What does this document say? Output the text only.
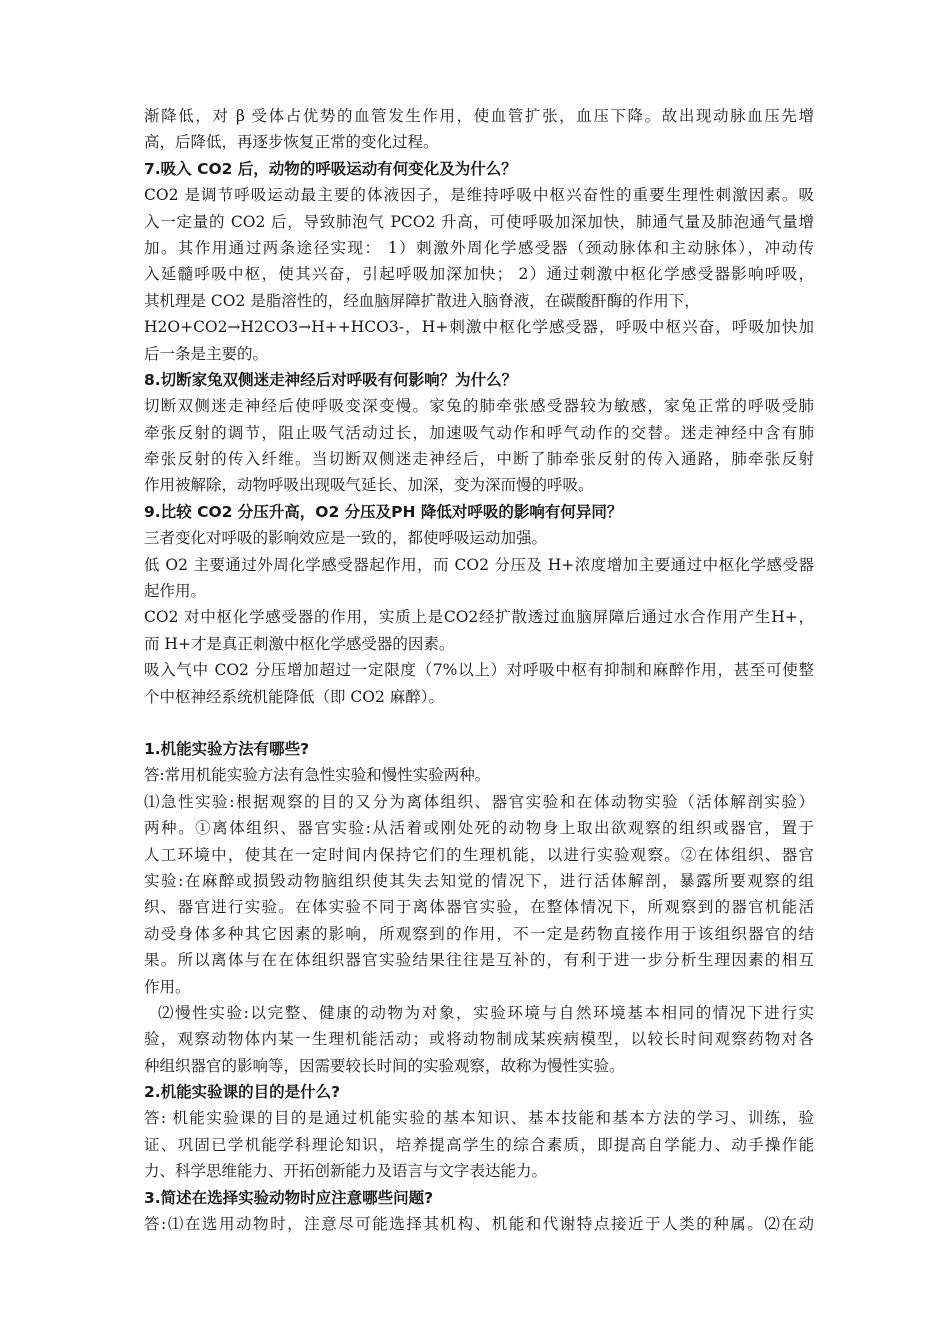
渐降低，对 β 受体占优势的血管发生作用，使血管扩张，血压下降。故出现动脉血压先增
高，后降低，再逐步恢复正常的变化过程。
7.吸入 CO2 后，动物的呼吸运动有何变化及为什么？
CO2 是调节呼吸运动最主要的体液因子，是维持呼吸中枢兴奋性的重要生理性刺激因素。吸
入一定量的 CO2 后，导致肺泡气 PCO2 升高，可使呼吸加深加快，肺通气量及肺泡通气量增
加。其作用通过两条途径实现： 1）刺激外周化学感受器（颈动脉体和主动脉体），冲动传
入延髓呼吸中枢，使其兴奋，引起呼吸加深加快； 2）通过刺激中枢化学感受器影响呼吸，
其机理是 CO2 是脂溶性的，经血脑屏障扩散进入脑脊液，在碳酸酐酶的作用下，
H2O+CO2→H2CO3→H++HCO3-，H+刺激中枢化学感受器，呼吸中枢兴奋，呼吸加快加
后一条是主要的。
8.切断家兔双侧迷走神经后对呼吸有何影响？为什么？
切断双侧迷走神经后使呼吸变深变慢。家兔的肺牵张感受器较为敏感，家兔正常的呼吸受肺
牵张反射的调节，阻止吸气活动过长，加速吸气动作和呼气动作的交替。迷走神经中含有肺
牵张反射的传入纤维。当切断双侧迷走神经后，中断了肺牵张反射的传入通路，肺牵张反射
作用被解除，动物呼吸出现吸气延长、加深，变为深而慢的呼吸。
9.比较 CO2 分压升高，O2 分压及PH 降低对呼吸的影响有何异同？
三者变化对呼吸的影响效应是一致的，都使呼吸运动加强。
低 O2 主要通过外周化学感受器起作用，而 CO2 分压及 H+浓度增加主要通过中枢化学感受器
起作用。
CO2 对中枢化学感受器的作用，实质上是CO2经扩散透过血脑屏障后通过水合作用产生H+，
而 H+才是真正刺激中枢化学感受器的因素。
吸入气中 CO2 分压增加超过一定限度（7%以上）对呼吸中枢有抑制和麻醉作用，甚至可使整
个中枢神经系统机能降低（即 CO2 麻醉）。
1.机能实验方法有哪些?
答:常用机能实验方法有急性实验和慢性实验两种。
⑴急性实验:根据观察的目的又分为离体组织、器官实验和在体动物实验（活体解剖实验）
两种。①离体组织、器官实验:从活着或刚处死的动物身上取出欲观察的组织或器官，置于
人工环境中，使其在一定时间内保持它们的生理机能，以进行实验观察。②在体组织、器官
实验:在麻醉或损毁动物脑组织使其失去知觉的情况下，进行活体解剖，暴露所要观察的组
织、器官进行实验。在体实验不同于离体器官实验，在整体情况下，所观察到的器官机能活
动受身体多种其它因素的影响，所观察到的作用，不一定是药物直接作用于该组织器官的结
果。所以离体与在在体组织器官实验结果往往是互补的，有利于进一步分析生理因素的相互
作用。
⑵慢性实验:以完整、健康的动物为对象，实验环境与自然环境基本相同的情况下进行实
验，观察动物体内某一生理机能活动；或将动物制成某疾病模型，以较长时间观察药物对各
种组织器官的影响等，因需要较长时间的实验观察，故称为慢性实验。
2.机能实验课的目的是什么?
答: 机能实验课的目的是通过机能实验的基本知识、基本技能和基本方法的学习、训练，验
证、巩固已学机能学科理论知识，培养提高学生的综合素质，即提高自学能力、动手操作能
力、科学思维能力、开拓创新能力及语言与文字表达能力。
3.简述在选择实验动物时应注意哪些问题?
答:⑴在选用动物时，注意尽可能选择其机构、机能和代谢特点接近于人类的种属。⑵在动
